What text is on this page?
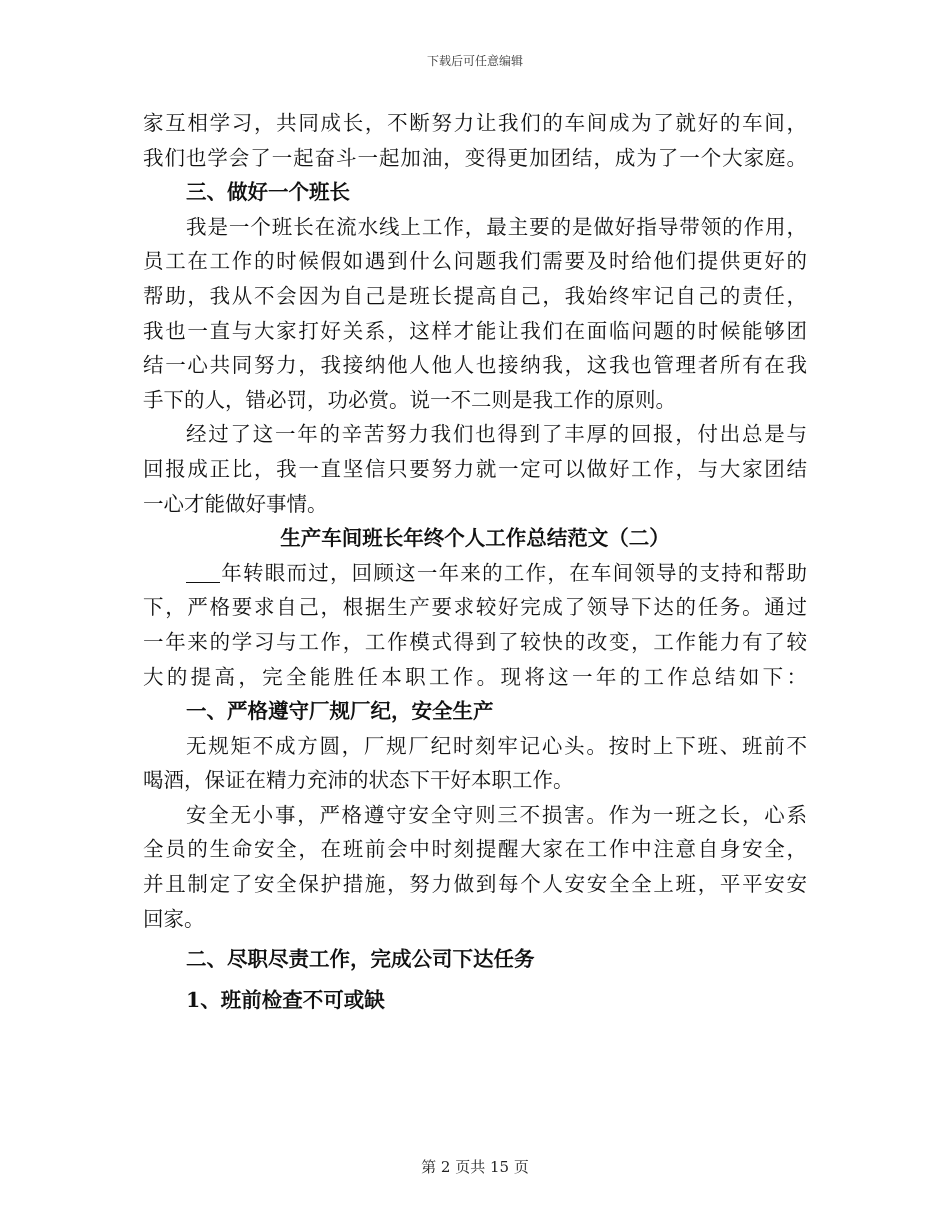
下载后可任意编辑
家互相学习，共同成长，不断努力让我们的车间成为了就好的车间，
我们也学会了一起奋斗一起加油，变得更加团结，成为了一个大家庭。
三、做好一个班长
我是一个班长在流水线上工作，最主要的是做好指导带领的作用，
员工在工作的时候假如遇到什么问题我们需要及时给他们提供更好的
帮助，我从不会因为自己是班长提高自己，我始终牢记自己的责任，
我也一直与大家打好关系，这样才能让我们在面临问题的时候能够团
结一心共同努力，我接纳他人他人也接纳我，这我也管理者所有在我
手下的人，错必罚，功必赏。说一不二则是我工作的原则。
经过了这一年的辛苦努力我们也得到了丰厚的回报，付出总是与
回报成正比，我一直坚信只要努力就一定可以做好工作，与大家团结
一心才能做好事情。
生产车间班长年终个人工作总结范文（二）
年转眼而过，回顾这一年来的工作，在车间领导的支持和帮助
下，严格要求自己，根据生产要求较好完成了领导下达的任务。通过
一年来的学习与工作，工作模式得到了较快的改变，工作能力有了较
大的提高，完全能胜任本职工作。现将这一年的工作总结如下：
一、严格遵守厂规厂纪，安全生产
无规矩不成方圆，厂规厂纪时刻牢记心头。按时上下班、班前不
喝酒，保证在精力充沛的状态下干好本职工作。
安全无小事，严格遵守安全守则三不损害。作为一班之长，心系
全员的生命安全，在班前会中时刻提醒大家在工作中注意自身安全，
并且制定了安全保护措施，努力做到每个人安安全全上班，平平安安
回家。
二、尽职尽责工作，完成公司下达任务
1、班前检查不可或缺
第 2 页共 15 页
